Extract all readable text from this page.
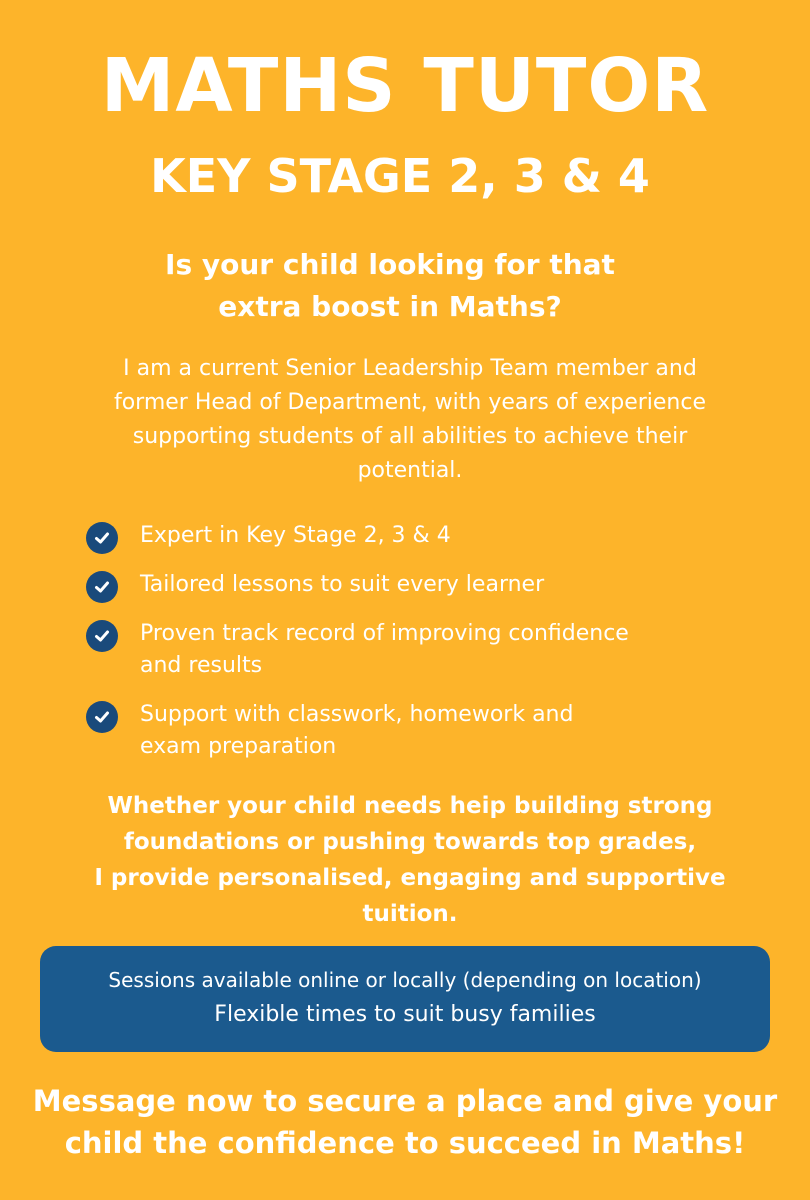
MATHS TUTOR
KEY STAGE 2, 3 & 4

Is your child looking for that
extra boost in Maths?

I am a current Senior Leadership Team member and
former Head of Department, with years of experience
supporting students of all abilities to achieve their
potential.

Expert in Key Stage 2, 3 & 4
Tailored lessons to suit every learner
Proven track record of improving confidence
and results
Support with classwork, homework and
exam preparation

Whether your child needs heip building strong
foundations or pushing towards top grades,
I provide personalised, engaging and supportive
tuition.

Sessions available online or locally (depending on location)

Flexible times to suit busy families

Message now to secure a place and give your
child the confidence to succeed in Maths!
